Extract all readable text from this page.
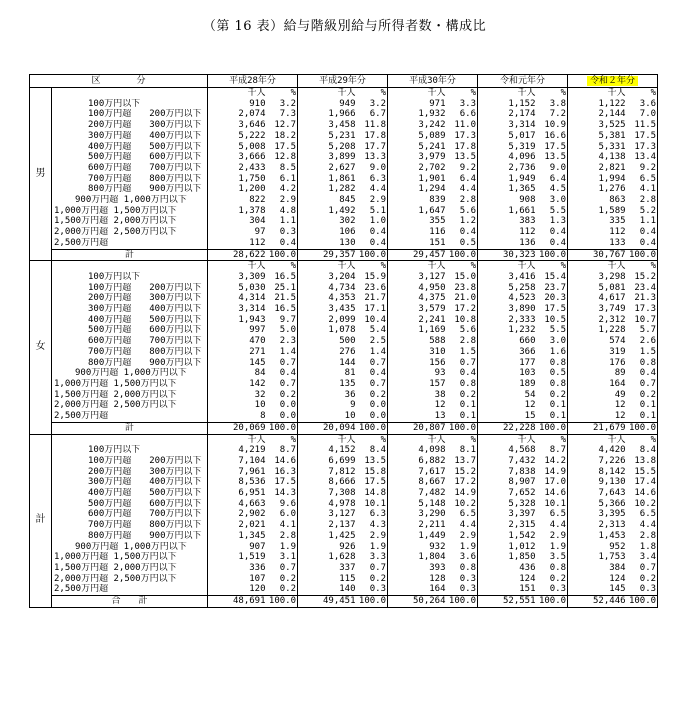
（第 16 表）給与階級別給与所得者数・構成比
区　　　　分		平成28年分		平成29年分		平成30年分		令和元年分		令和２年分	
男		千人	%	千人	%	千人	%	千人	%	千人	%
	100万円以下	910	3.2	949	3.2	971	3.3	1,152	3.8	1,122	3.6
	100万円超　　200万円以下	2,074	7.3	1,966	6.7	1,932	6.6	2,174	7.2	2,144	7.0
	200万円超　　300万円以下	3,646	12.7	3,458	11.8	3,242	11.0	3,314	10.9	3,525	11.5
	300万円超　　400万円以下	5,222	18.2	5,231	17.8	5,089	17.3	5,017	16.6	5,381	17.5
	400万円超　　500万円以下	5,008	17.5	5,208	17.7	5,241	17.8	5,319	17.5	5,331	17.3
	500万円超　　600万円以下	3,666	12.8	3,899	13.3	3,979	13.5	4,096	13.5	4,138	13.4
	600万円超　　700万円以下	2,433	8.5	2,627	9.0	2,702	9.2	2,736	9.0	2,821	9.2
	700万円超　　800万円以下	1,750	6.1	1,861	6.3	1,901	6.4	1,949	6.4	1,994	6.5
	800万円超　　900万円以下	1,200	4.2	1,282	4.4	1,294	4.4	1,365	4.5	1,276	4.1
	900万円超 1,000万円以下	822	2.9	845	2.9	839	2.8	908	3.0	863	2.8
	1,000万円超 1,500万円以下	1,378	4.8	1,492	5.1	1,647	5.6	1,661	5.5	1,589	5.2
	1,500万円超 2,000万円以下	304	1.1	302	1.0	355	1.2	383	1.3	335	1.1
	2,000万円超 2,500万円以下	97	0.3	106	0.4	116	0.4	112	0.4	112	0.4
	2,500万円超	112	0.4	130	0.4	151	0.5	136	0.4	133	0.4

	計	28,622	100.0	29,357	100.0	29,457	100.0	30,323	100.0	30,767	100.0
女		千人	%	千人	%	千人	%	千人	%	千人	%
	100万円以下	3,309	16.5	3,204	15.9	3,127	15.0	3,416	15.4	3,298	15.2
	100万円超　　200万円以下	5,030	25.1	4,734	23.6	4,950	23.8	5,258	23.7	5,081	23.4
	200万円超　　300万円以下	4,314	21.5	4,353	21.7	4,375	21.0	4,523	20.3	4,617	21.3
	300万円超　　400万円以下	3,314	16.5	3,435	17.1	3,579	17.2	3,890	17.5	3,749	17.3
	400万円超　　500万円以下	1,943	9.7	2,099	10.4	2,241	10.8	2,333	10.5	2,312	10.7
	500万円超　　600万円以下	997	5.0	1,078	5.4	1,169	5.6	1,232	5.5	1,228	5.7
	600万円超　　700万円以下	470	2.3	500	2.5	588	2.8	660	3.0	574	2.6
	700万円超　　800万円以下	271	1.4	276	1.4	310	1.5	366	1.6	319	1.5
	800万円超　　900万円以下	145	0.7	144	0.7	156	0.7	177	0.8	176	0.8
	900万円超 1,000万円以下	84	0.4	81	0.4	93	0.4	103	0.5	89	0.4
	1,000万円超 1,500万円以下	142	0.7	135	0.7	157	0.8	189	0.8	164	0.7
	1,500万円超 2,000万円以下	32	0.2	36	0.2	38	0.2	54	0.2	49	0.2
	2,000万円超 2,500万円以下	10	0.0	9	0.0	12	0.1	12	0.1	12	0.1
	2,500万円超	8	0.0	10	0.0	13	0.1	15	0.1	12	0.1

	計	20,069	100.0	20,094	100.0	20,807	100.0	22,228	100.0	21,679	100.0
計		千人	%	千人	%	千人	%	千人	%	千人	%
	100万円以下	4,219	8.7	4,152	8.4	4,098	8.1	4,568	8.7	4,420	8.4
	100万円超　　200万円以下	7,104	14.6	6,699	13.5	6,882	13.7	7,432	14.2	7,226	13.8
	200万円超　　300万円以下	7,961	16.3	7,812	15.8	7,617	15.2	7,838	14.9	8,142	15.5
	300万円超　　400万円以下	8,536	17.5	8,666	17.5	8,667	17.2	8,907	17.0	9,130	17.4
	400万円超　　500万円以下	6,951	14.3	7,308	14.8	7,482	14.9	7,652	14.6	7,643	14.6
	500万円超　　600万円以下	4,663	9.6	4,978	10.1	5,148	10.2	5,328	10.1	5,366	10.2
	600万円超　　700万円以下	2,902	6.0	3,127	6.3	3,290	6.5	3,397	6.5	3,395	6.5
	700万円超　　800万円以下	2,021	4.1	2,137	4.3	2,211	4.4	2,315	4.4	2,313	4.4
	800万円超　　900万円以下	1,345	2.8	1,425	2.9	1,449	2.9	1,542	2.9	1,453	2.8
	900万円超 1,000万円以下	907	1.9	926	1.9	932	1.9	1,012	1.9	952	1.8
	1,000万円超 1,500万円以下	1,519	3.1	1,628	3.3	1,804	3.6	1,850	3.5	1,753	3.4
	1,500万円超 2,000万円以下	336	0.7	337	0.7	393	0.8	436	0.8	384	0.7
	2,000万円超 2,500万円以下	107	0.2	115	0.2	128	0.3	124	0.2	124	0.2
	2,500万円超	120	0.2	140	0.3	164	0.3	151	0.3	145	0.3

	合　　計	48,691	100.0	49,451	100.0	50,264	100.0	52,551	100.0	52,446	100.0
